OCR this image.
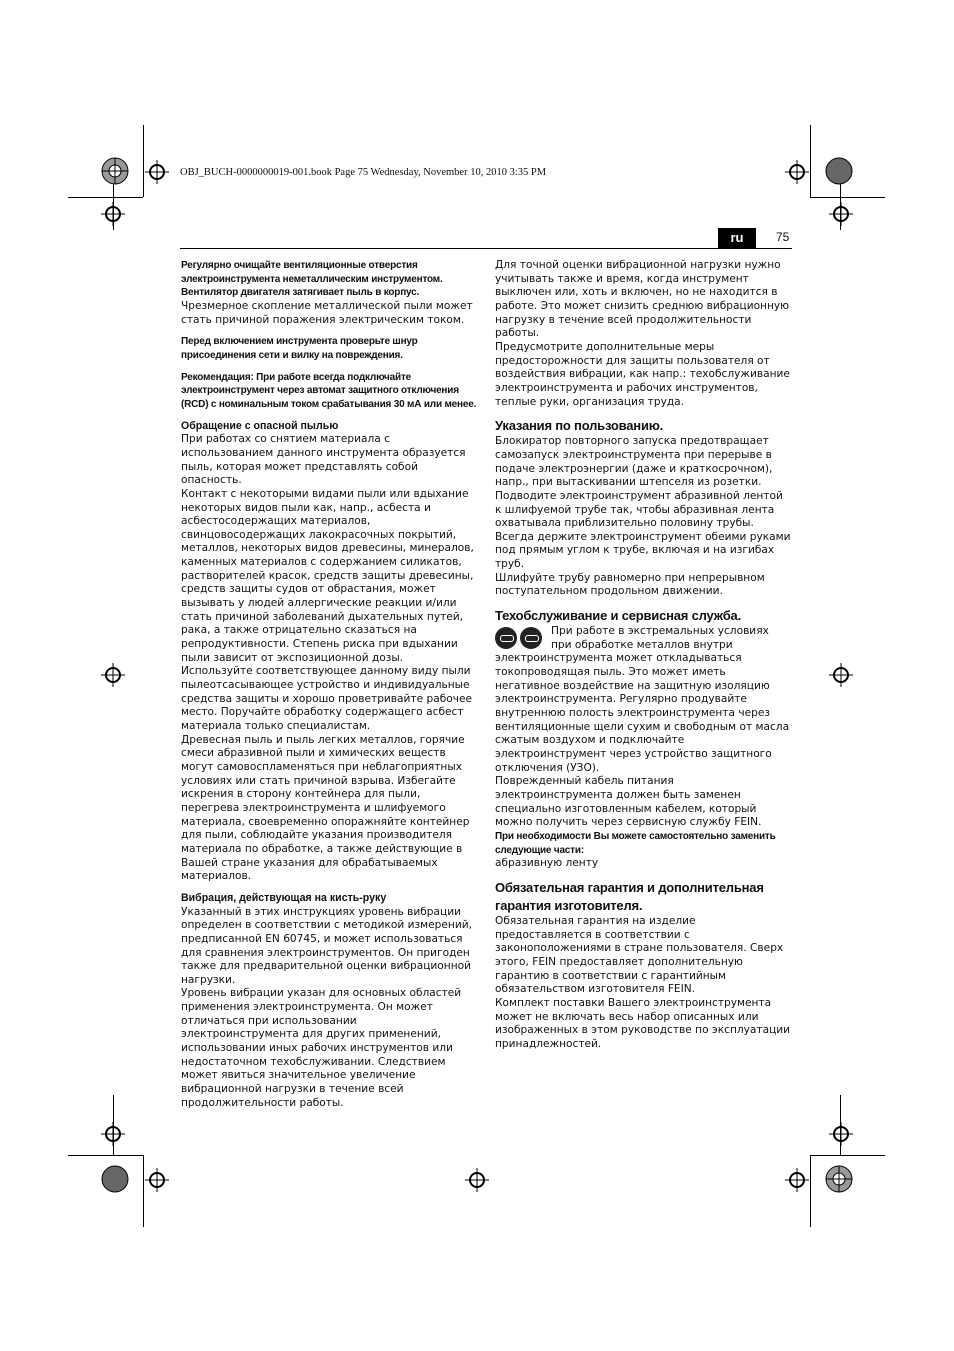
OBJ_BUCH-0000000019-001.book Page 75 Wednesday, November 10, 2010 3:35 PM
ru	75

Регулярно очищайте вентиляционные отверстия электроинструмента неметаллическим инструментом. Вентилятор двигателя затягивает пыль в корпус.

Чрезмерное скопление металлической пыли может стать причиной поражения электрическим током.

Перед включением инструмента проверьте шнур присоединения сети и вилку на повреждения.

Рекомендация: При работе всегда подключайте электроинструмент через автомат защитного отключения (RCD) с номинальным током срабатывания 30 мА или менее.

Обращение с опасной пылью

При работах со снятием материала с использованием данного инструмента образуется пыль, которая может представлять собой опасность.

Контакт с некоторыми видами пыли или вдыхание некоторых видов пыли как, напр., асбеста и асбестосодержащих материалов, свинцовосодержащих лакокрасочных покрытий, металлов, некоторых видов древесины, минералов, каменных материалов с содержанием силикатов, растворителей красок, средств защиты древесины, средств защиты судов от обрастания, может вызывать у людей аллергические реакции и/или стать причиной заболеваний дыхательных путей, рака, а также отрицательно сказаться на репродуктивности. Степень риска при вдыхании пыли зависит от экспозиционной дозы. Используйте соответствующее данному виду пыли пылеотсасывающее устройство и индивидуальные средства защиты и хорошо проветривайте рабочее место. Поручайте обработку содержащего асбест материала только специалистам.

Древесная пыль и пыль легких металлов, горячие смеси абразивной пыли и химических веществ могут самовоспламеняться при неблагоприятных условиях или стать причиной взрыва. Избегайте искрения в сторону контейнера для пыли, перегрева электроинструмента и шлифуемого материала, своевременно опоражняйте контейнер для пыли, соблюдайте указания производителя материала по обработке, а также действующие в Вашей стране указания для обрабатываемых материалов.

Вибрация, действующая на кисть-руку

Указанный в этих инструкциях уровень вибрации определен в соответствии с методикой измерений, предписанной EN 60745, и может использоваться для сравнения электроинструментов. Он пригоден также для предварительной оценки вибрационной нагрузки.

Уровень вибрации указан для основных областей применения электроинструмента. Он может отличаться при использовании электроинструмента для других применений, использовании иных рабочих инструментов или недостаточном техобслуживании. Следствием может явиться значительное увеличение вибрационной нагрузки в течение всей продолжительности работы.

Для точной оценки вибрационной нагрузки нужно учитывать также и время, когда инструмент выключен или, хоть и включен, но не находится в работе. Это может снизить среднюю вибрационную нагрузку в течение всей продолжительности работы.

Предусмотрите дополнительные меры предосторожности для защиты пользователя от воздействия вибрации, как напр.: техобслуживание электроинструмента и рабочих инструментов, теплые руки, организация труда.

Указания по пользованию.

Блокиратор повторного запуска предотвращает самозапуск электроинструмента при перерыве в подаче электроэнергии (даже и краткосрочном), напр., при вытаскивании штепселя из розетки.

Подводите электроинструмент абразивной лентой к шлифуемой трубе так, чтобы абразивная лента охватывала приблизительно половину трубы.

Всегда держите электроинструмент обеими руками под прямым углом к трубе, включая и на изгибах труб.

Шлифуйте трубу равномерно при непрерывном поступательном продольном движении.

Техобслуживание и сервисная служба.

При работе в экстремальных условиях при обработке металлов внутри электроинструмента может откладываться токопроводящая пыль. Это может иметь негативное воздействие на защитную изоляцию электроинструмента. Регулярно продувайте внутреннюю полость электроинструмента через вентиляционные щели сухим и свободным от масла сжатым воздухом и подключайте электроинструмент через устройство защитного отключения (УЗО).

Поврежденный кабель питания электроинструмента должен быть заменен специально изготовленным кабелем, который можно получить через сервисную службу FEIN.

При необходимости Вы можете самостоятельно заменить следующие части:

абразивную ленту

Обязательная гарантия и дополнительная гарантия изготовителя.

Обязательная гарантия на изделие предоставляется в соответствии с законоположениями в стране пользователя. Сверх этого, FEIN предоставляет дополнительную гарантию в соответствии с гарантийным обязательством изготовителя FEIN.

Комплект поставки Вашего электроинструмента может не включать весь набор описанных или изображенных в этом руководстве по эксплуатации принадлежностей.
